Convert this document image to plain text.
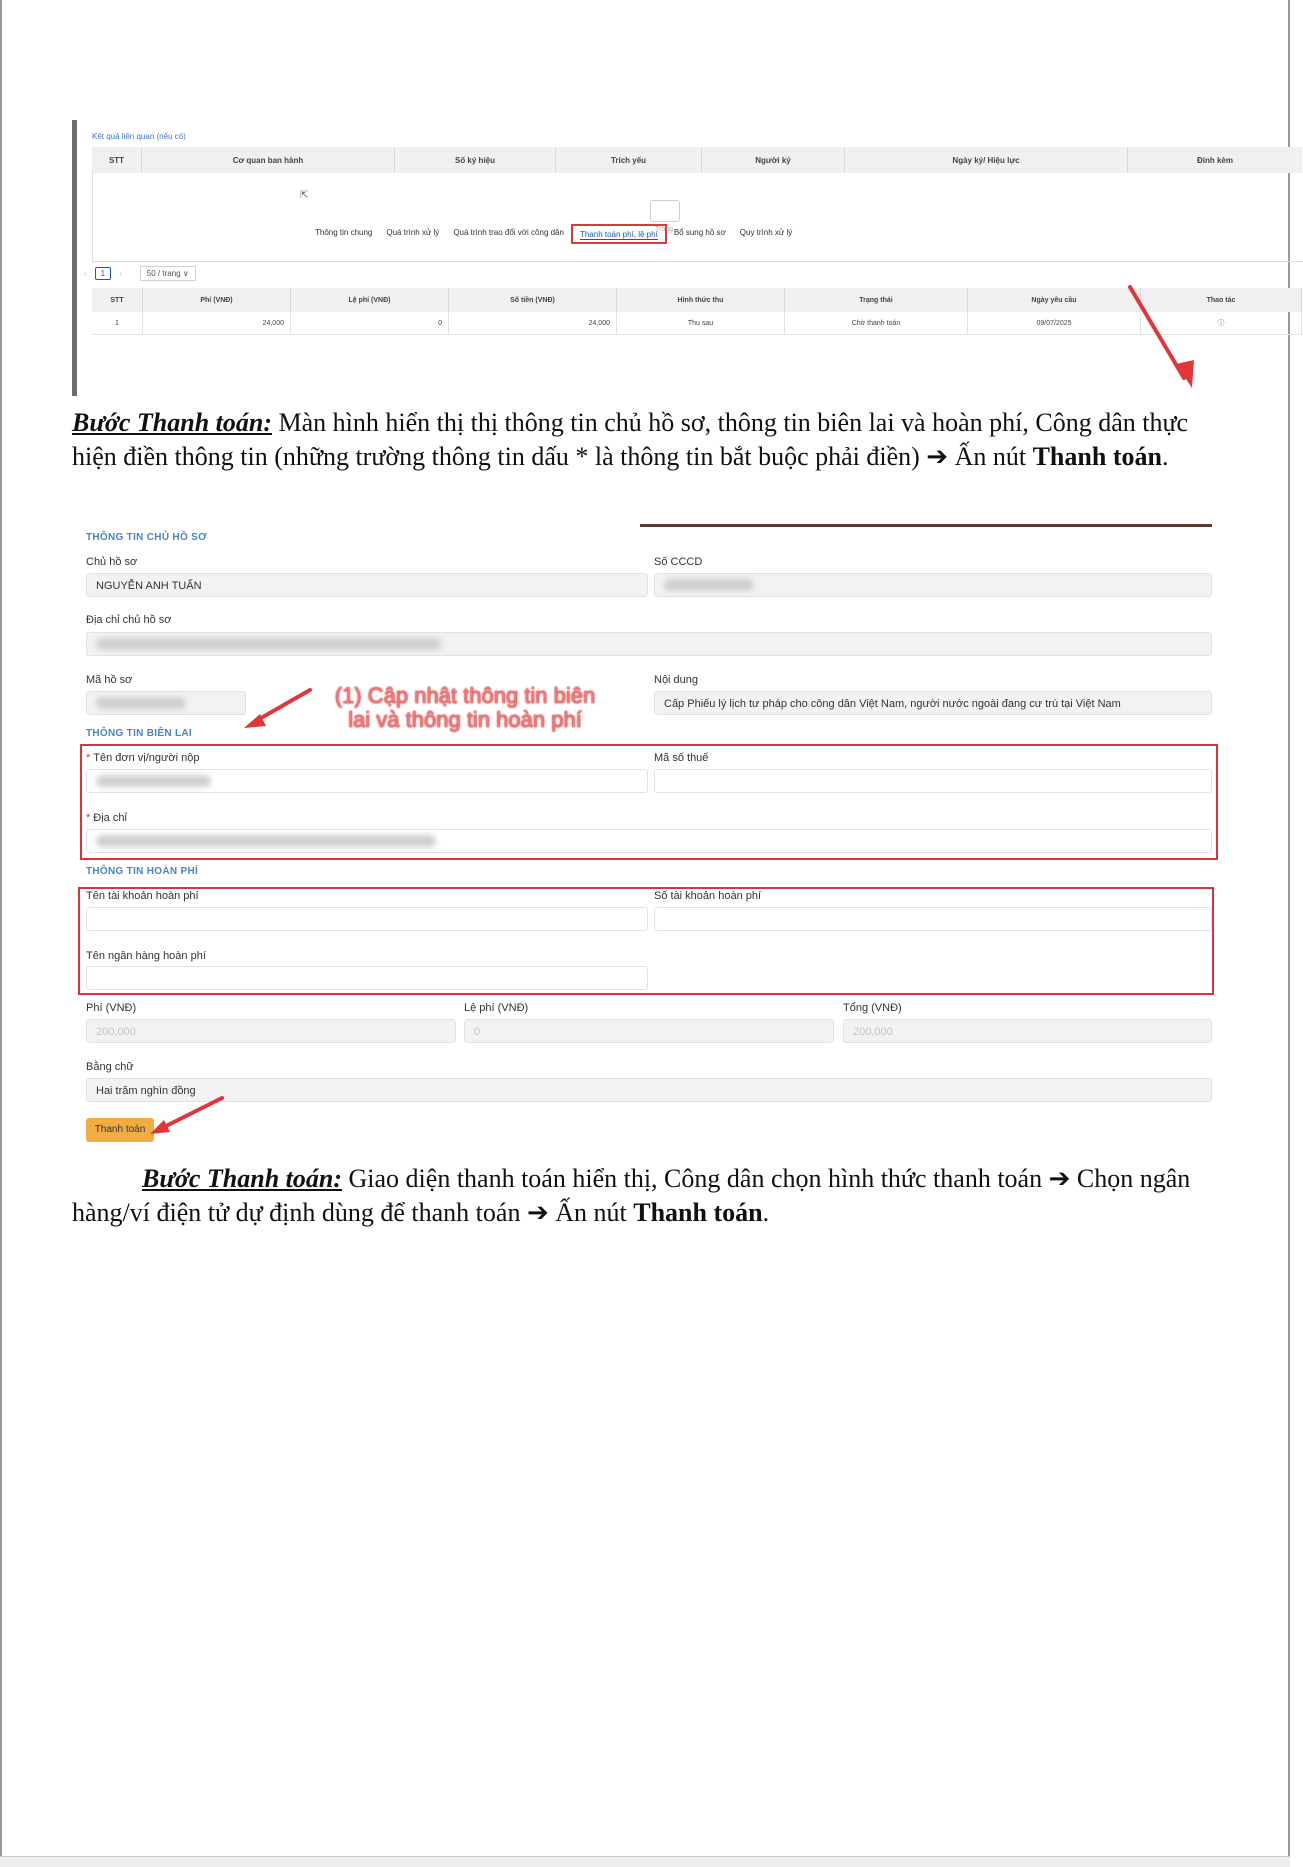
Kết quả liên quan (nếu có)
STT	Cơ quan ban hành	Số ký hiệu	Trích yếu	Người ký	Ngày ký/ Hiệu lực	Đính kèm
⇱
Trống
Thông tin chung	Quá trình xử lý	Quá trình trao đổi với công dân	Thanh toán phí, lệ phí	Bổ sung hồ sơ	Quy trình xử lý
‹	1	›	50 / trang ∨
STT	Phí (VNĐ)	Lệ phí (VNĐ)	Số tiền (VNĐ)	Hình thức thu	Trạng thái	Ngày yêu cầu	Thao tác
1	24,000	0	24,000	Thu sau	Chờ thanh toán	09/07/2025	ⓘ
Bước Thanh toán: Màn hình hiển thị thị thông tin chủ hồ sơ, thông tin biên lai và hoàn phí, Công dân thực hiện điền thông tin (những trường thông tin dấu * là thông tin bắt buộc phải điền) ➔ Ấn nút Thanh toán.
THÔNG TIN CHỦ HỒ SƠ
Chủ hồ sơ
NGUYỄN ANH TUẤN
Số CCCD
Địa chỉ chủ hồ sơ
Mã hồ sơ	Nội dung
Cấp Phiếu lý lịch tư pháp cho công dân Việt Nam, người nước ngoài đang cư trú tại Việt Nam
THÔNG TIN BIÊN LAI
(1) Cập nhật thông tin biên
lai và thông tin hoàn phí
* Tên đơn vị/người nộp	Mã số thuế
* Địa chỉ
THÔNG TIN HOÀN PHÍ
Tên tài khoản hoàn phí	Số tài khoản hoàn phí
Tên ngân hàng hoàn phí
Phí (VNĐ)
200,000
Lệ phí (VNĐ)
0
Tổng (VNĐ)
200,000
Bằng chữ
Hai trăm nghìn đồng
Thanh toán
Bước Thanh toán: Giao diện thanh toán hiển thị, Công dân chọn hình thức thanh toán ➔ Chọn ngân hàng/ví điện tử dự định dùng để thanh toán ➔ Ấn nút Thanh toán.
